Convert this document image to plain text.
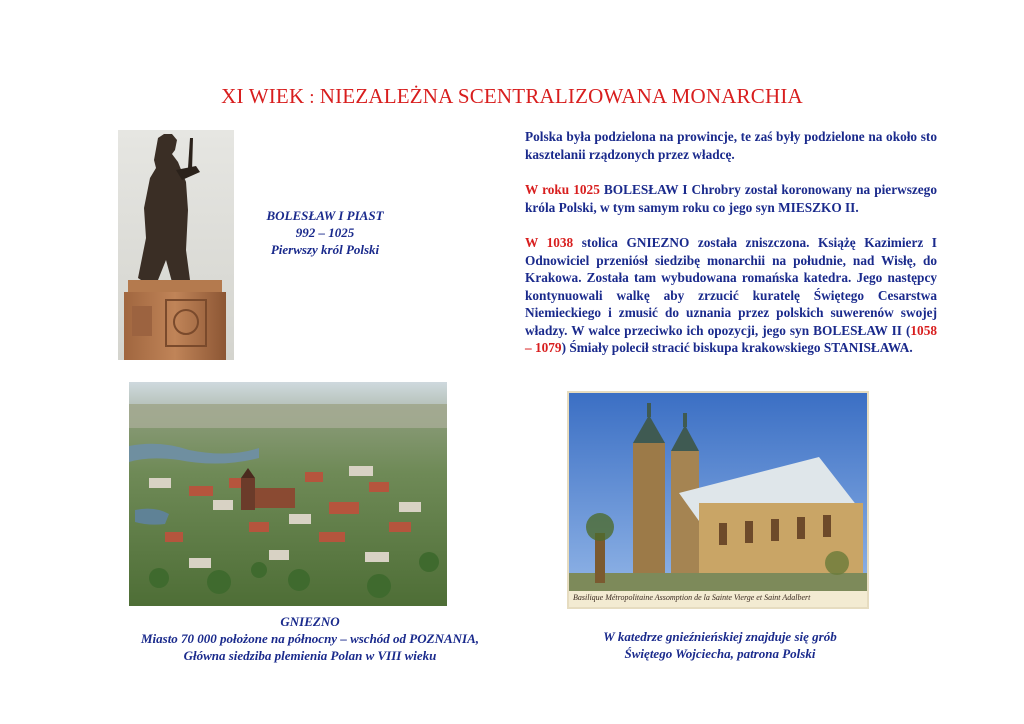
XI WIEK : NIEZALEŻNA SCENTRALIZOWANA MONARCHIA
BOLESŁAW I PIAST
992 – 1025
Pierwszy król Polski

Polska była podzielona na prowincje, te zaś były podzielone na około sto kasztelanii rządzonych przez władcę.

W roku 1025 BOLESŁAW I Chrobry został koronowany na pierwszego króla Polski, w tym samym roku co jego syn MIESZKO II.

W 1038 stolica GNIEZNO została zniszczona. Książę Kazimierz I Odnowiciel przeniósł siedzibę monarchii na południe, nad Wisłę, do Krakowa. Została tam wybudowana romańska katedra. Jego następcy kontynuowali walkę aby zrzucić kuratelę Świętego Cesarstwa Niemieckiego i zmusić do uznania przez polskich suwerenów swojej władzy. W walce przeciwko ich opozycji, jego syn BOLESŁAW II (1058 – 1079) Śmiały polecił stracić biskupa krakowskiego STANISŁAWA.

Basilique Métropolitaine Assomption de la Sainte Vierge et Saint Adalbert
GNIEZNO
Miasto 70 000 położone na północny – wschód od POZNANIA,
Główna siedziba plemienia Polan w VIII wieku
W katedrze gnieźnieńskiej znajduje się grób
Świętego Wojciecha, patrona Polski
